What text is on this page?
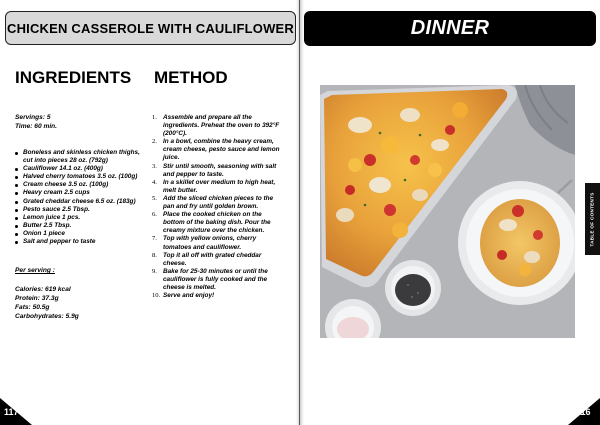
CHICKEN CASSEROLE WITH CAULIFLOWER
INGREDIENTS METHOD
Servings: 5
Time: 60 min.
Boneless and skinless chicken thighs, cut into pieces 28 oz. (792g)
Cauliflower 14.1 oz. (400g)
Halved cherry tomatoes 3.5 oz. (100g)
Cream cheese 3.5 oz. (100g)
Heavy cream 2.5 cups
Grated cheddar cheese 6.5 oz. (183g)
Pesto sauce 2.5 Tbsp.
Lemon juice 1 pcs.
Butter 2.5 Tbsp.
Onion 1 piece
Salt and pepper to taste
Per serving :
Calories: 619 kcal
Protein: 37.3g
Fats: 50.5g
Carbohydrates: 5.9g
1. Assemble and prepare all the ingredients. Preheat the oven to 392°F (200°C).
2. In a bowl, combine the heavy cream, cream cheese, pesto sauce and lemon juice.
3. Stir until smooth, seasoning with salt and pepper to taste.
4. In a skillet over medium to high heat, melt butter.
5. Add the sliced chicken pieces to the pan and fry until golden brown.
6. Place the cooked chicken on the bottom of the baking dish. Pour the creamy mixture over the chicken.
7. Top with yellow onions, cherry tomatoes and cauliflower.
8. Top it all off with grated cheddar cheese.
9. Bake for 25-30 minutes or until the cauliflower is fully cooked and the cheese is melted.
10. Serve and enjoy!
117
DINNER
TABLE OF CONTENTS
116
